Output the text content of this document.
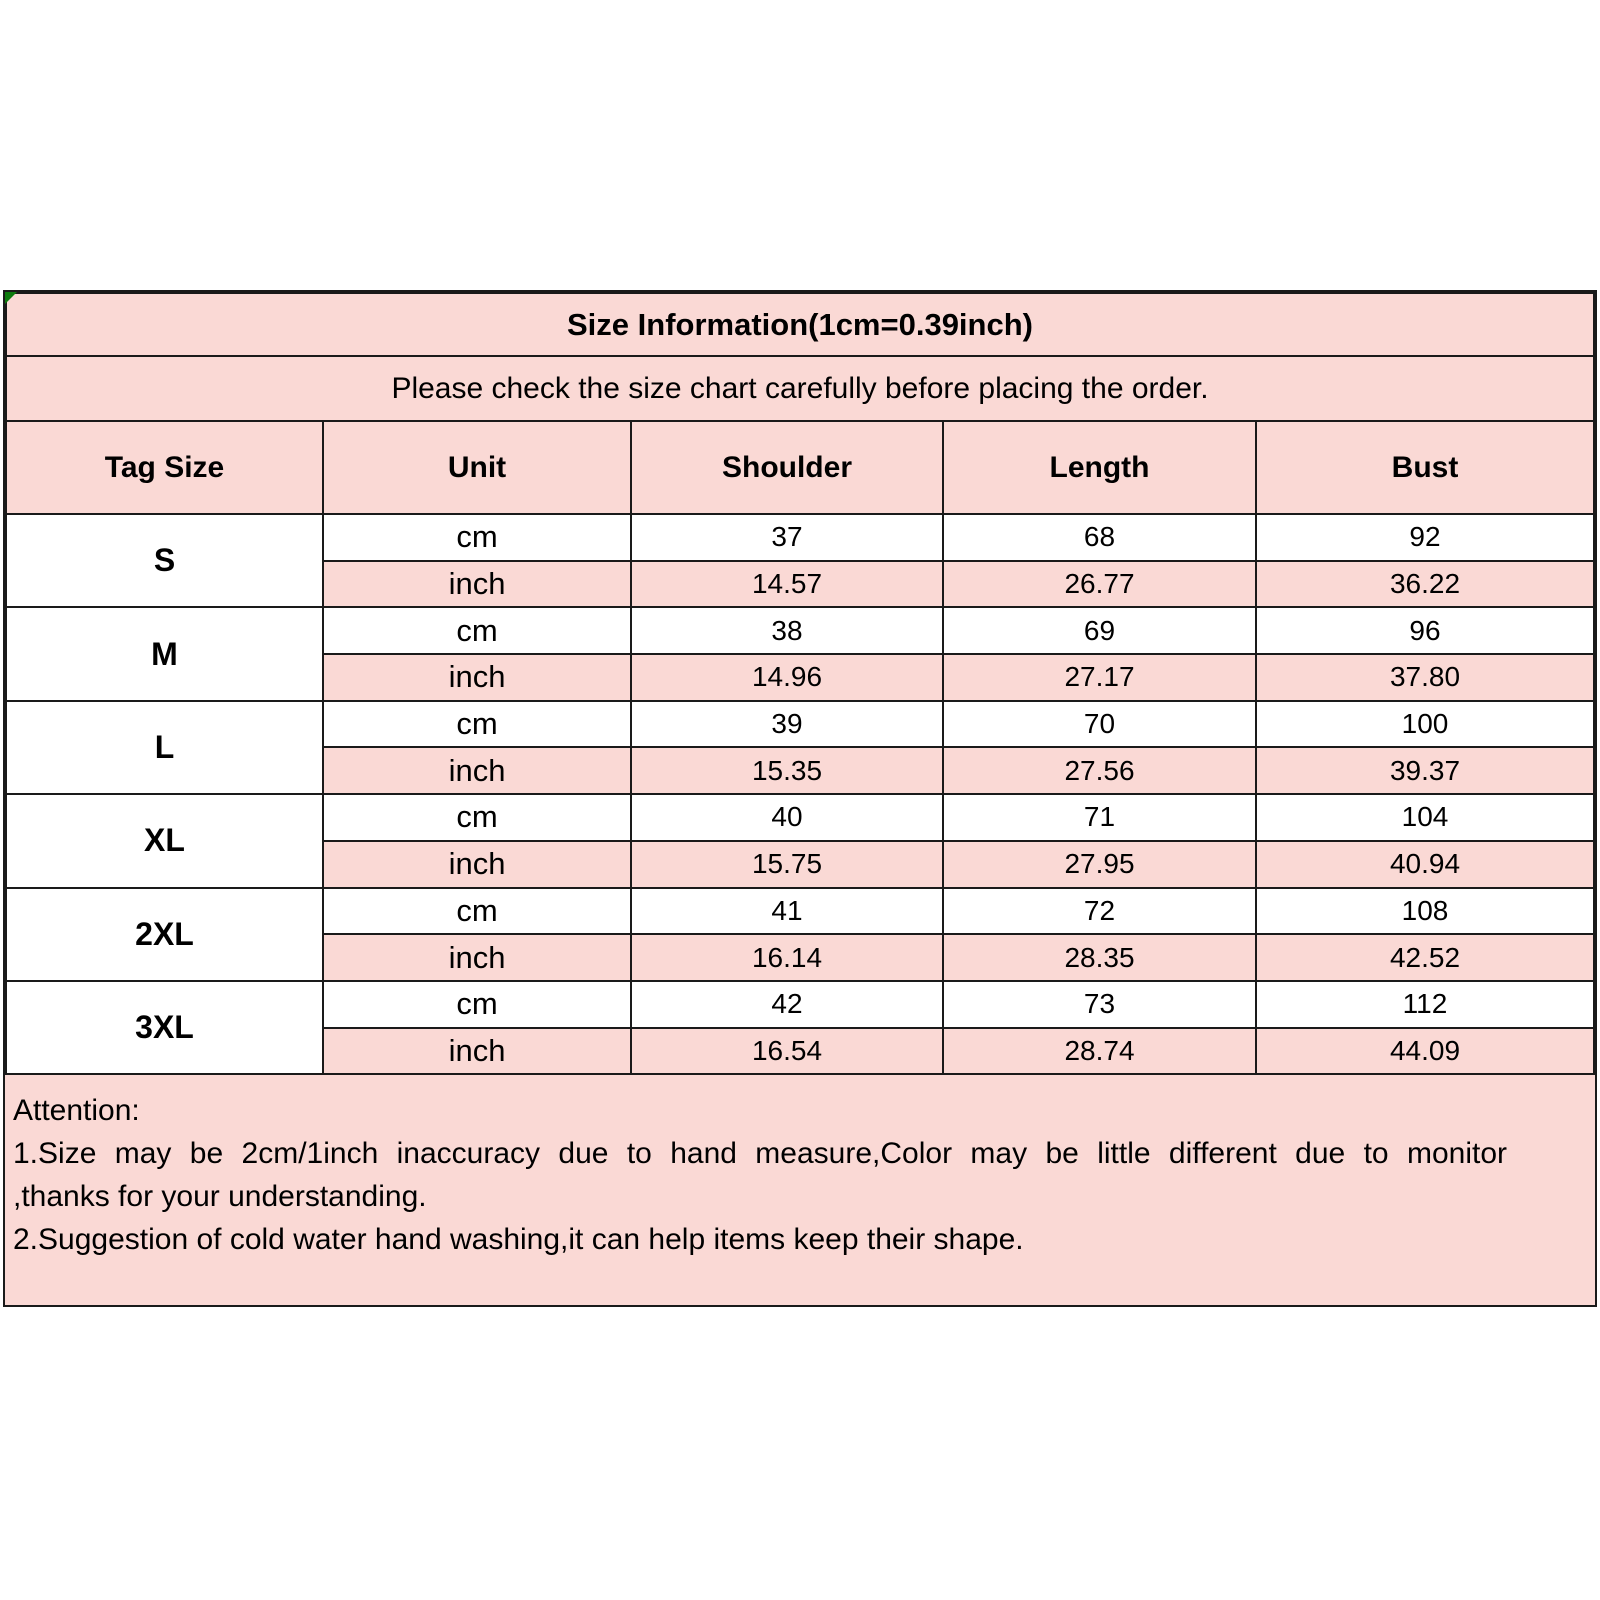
Size Information(1cm=0.39inch)				
Please check the size chart carefully before placing the order.				
Tag Size	Unit	Shoulder	Length	Bust
S	cm	37	68	92
	inch	14.57	26.77	36.22
M	cm	38	69	96
	inch	14.96	27.17	37.80
L	cm	39	70	100
	inch	15.35	27.56	39.37
XL	cm	40	71	104
	inch	15.75	27.95	40.94
2XL	cm	41	72	108
	inch	16.14	28.35	42.52
3XL	cm	42	73	112
	inch	16.54	28.74	44.09
Attention:
1.Size may be 2cm/1inch inaccuracy due to hand measure,Color may be little different due to monitor
,thanks for your understanding.
2.Suggestion of cold water hand washing,it can help items keep their shape.
